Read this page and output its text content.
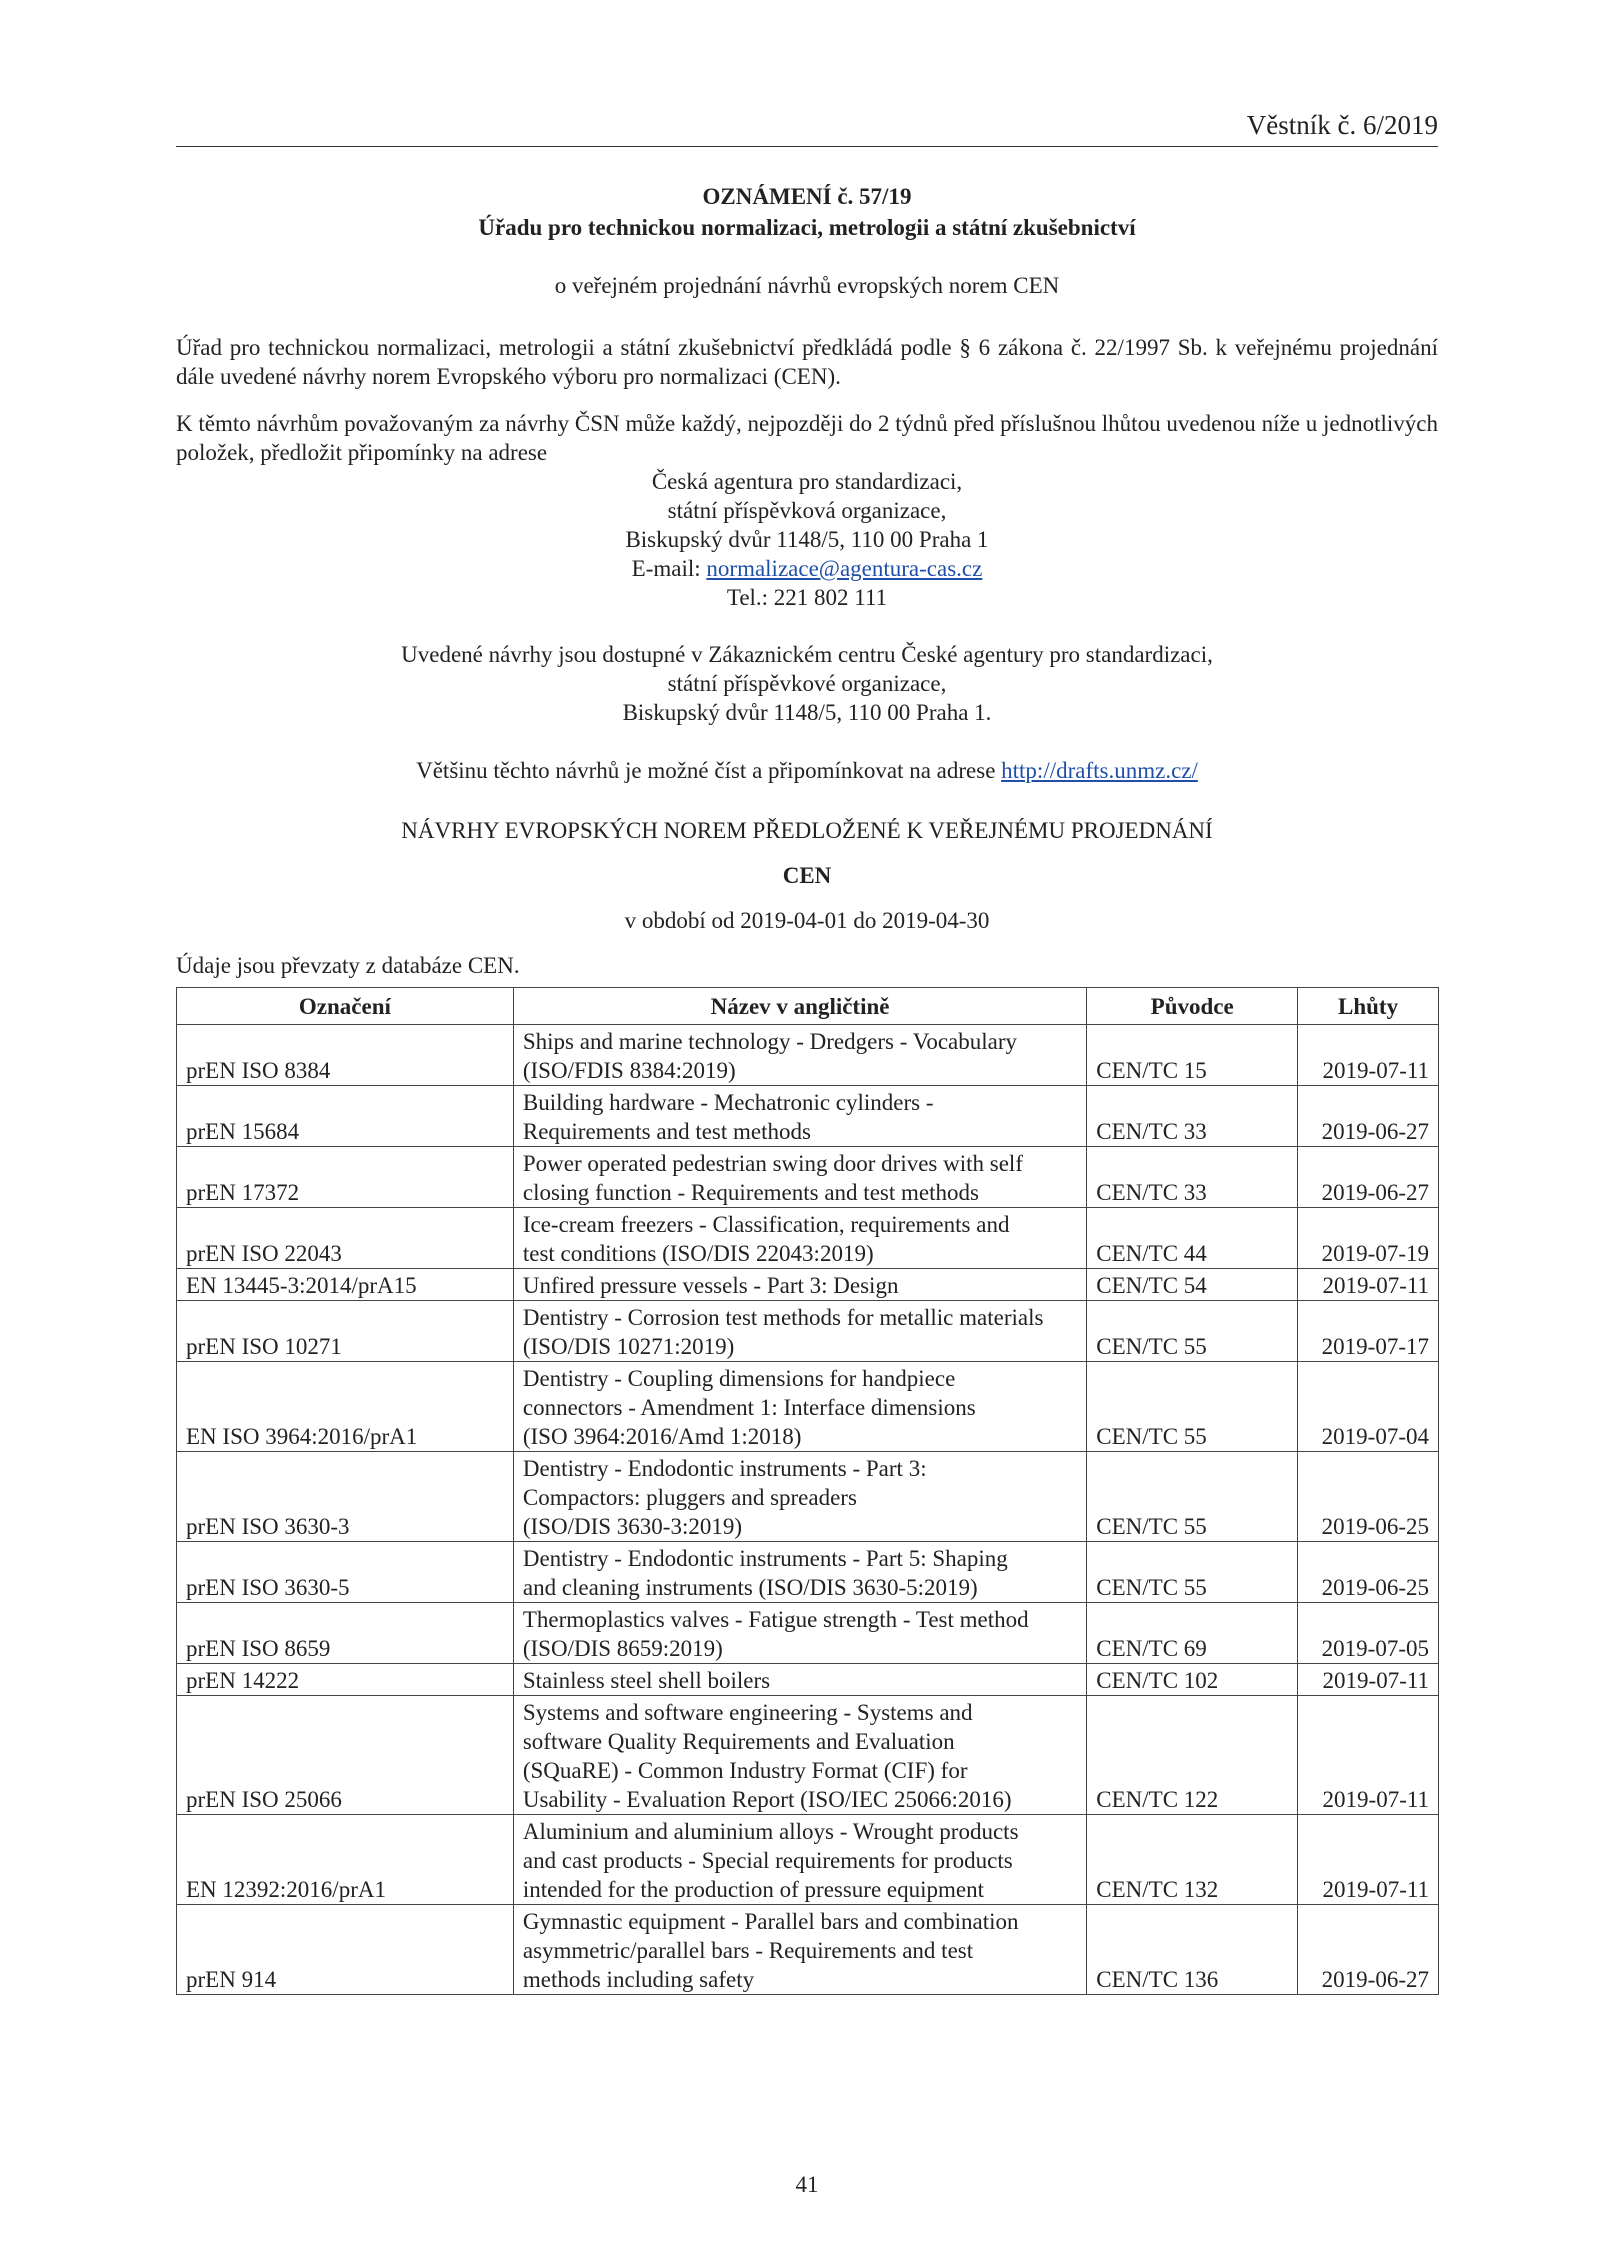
Věstník č. 6/2019
OZNÁMENÍ č. 57/19
Úřadu pro technickou normalizaci, metrologii a státní zkušebnictví
o veřejném projednání návrhů evropských norem CEN
Úřad pro technickou normalizaci, metrologii a státní zkušebnictví předkládá podle § 6 zákona č. 22/1997 Sb. k veřejnému projednání dále uvedené návrhy norem Evropského výboru pro normalizaci (CEN).
K těmto návrhům považovaným za návrhy ČSN může každý, nejpozději do 2 týdnů před příslušnou lhůtou uvedenou níže u jednotlivých položek, předložit připomínky na adrese
Česká agentura pro standardizaci,
státní příspěvková organizace,
Biskupský dvůr 1148/5, 110 00 Praha 1
E-mail: normalizace@agentura-cas.cz
Tel.: 221 802 111
Uvedené návrhy jsou dostupné v Zákaznickém centru České agentury pro standardizaci,
státní příspěvkové organizace,
Biskupský dvůr 1148/5, 110 00 Praha 1.
Většinu těchto návrhů je možné číst a připomínkovat na adrese http://drafts.unmz.cz/
NÁVRHY EVROPSKÝCH NOREM PŘEDLOŽENÉ K VEŘEJNÉMU PROJEDNÁNÍ
CEN
v období od 2019-04-01 do 2019-04-30
Údaje jsou převzaty z databáze CEN.
Označení	Název v angličtině	Původce	Lhůty
prEN ISO 8384	Ships and marine technology - Dredgers - Vocabulary
(ISO/FDIS 8384:2019)	CEN/TC 15	2019-07-11
prEN 15684	Building hardware - Mechatronic cylinders -
Requirements and test methods	CEN/TC 33	2019-06-27
prEN 17372	Power operated pedestrian swing door drives with self
closing function - Requirements and test methods	CEN/TC 33	2019-06-27
prEN ISO 22043	Ice-cream freezers - Classification, requirements and
test conditions (ISO/DIS 22043:2019)	CEN/TC 44	2019-07-19
EN 13445-3:2014/prA15	Unfired pressure vessels - Part 3: Design	CEN/TC 54	2019-07-11
prEN ISO 10271	Dentistry - Corrosion test methods for metallic materials
(ISO/DIS 10271:2019)	CEN/TC 55	2019-07-17
EN ISO 3964:2016/prA1	Dentistry - Coupling dimensions for handpiece
connectors - Amendment 1: Interface dimensions
(ISO 3964:2016/Amd 1:2018)	CEN/TC 55	2019-07-04
prEN ISO 3630-3	Dentistry - Endodontic instruments - Part 3:
Compactors: pluggers and spreaders
(ISO/DIS 3630-3:2019)	CEN/TC 55	2019-06-25
prEN ISO 3630-5	Dentistry - Endodontic instruments - Part 5: Shaping
and cleaning instruments (ISO/DIS 3630-5:2019)	CEN/TC 55	2019-06-25
prEN ISO 8659	Thermoplastics valves - Fatigue strength - Test method
(ISO/DIS 8659:2019)	CEN/TC 69	2019-07-05
prEN 14222	Stainless steel shell boilers	CEN/TC 102	2019-07-11
prEN ISO 25066	Systems and software engineering - Systems and
software Quality Requirements and Evaluation
(SQuaRE) - Common Industry Format (CIF) for
Usability - Evaluation Report (ISO/IEC 25066:2016)	CEN/TC 122	2019-07-11
EN 12392:2016/prA1	Aluminium and aluminium alloys - Wrought products
and cast products - Special requirements for products
intended for the production of pressure equipment	CEN/TC 132	2019-07-11
prEN 914	Gymnastic equipment - Parallel bars and combination
asymmetric/parallel bars - Requirements and test
methods including safety	CEN/TC 136	2019-06-27
41
